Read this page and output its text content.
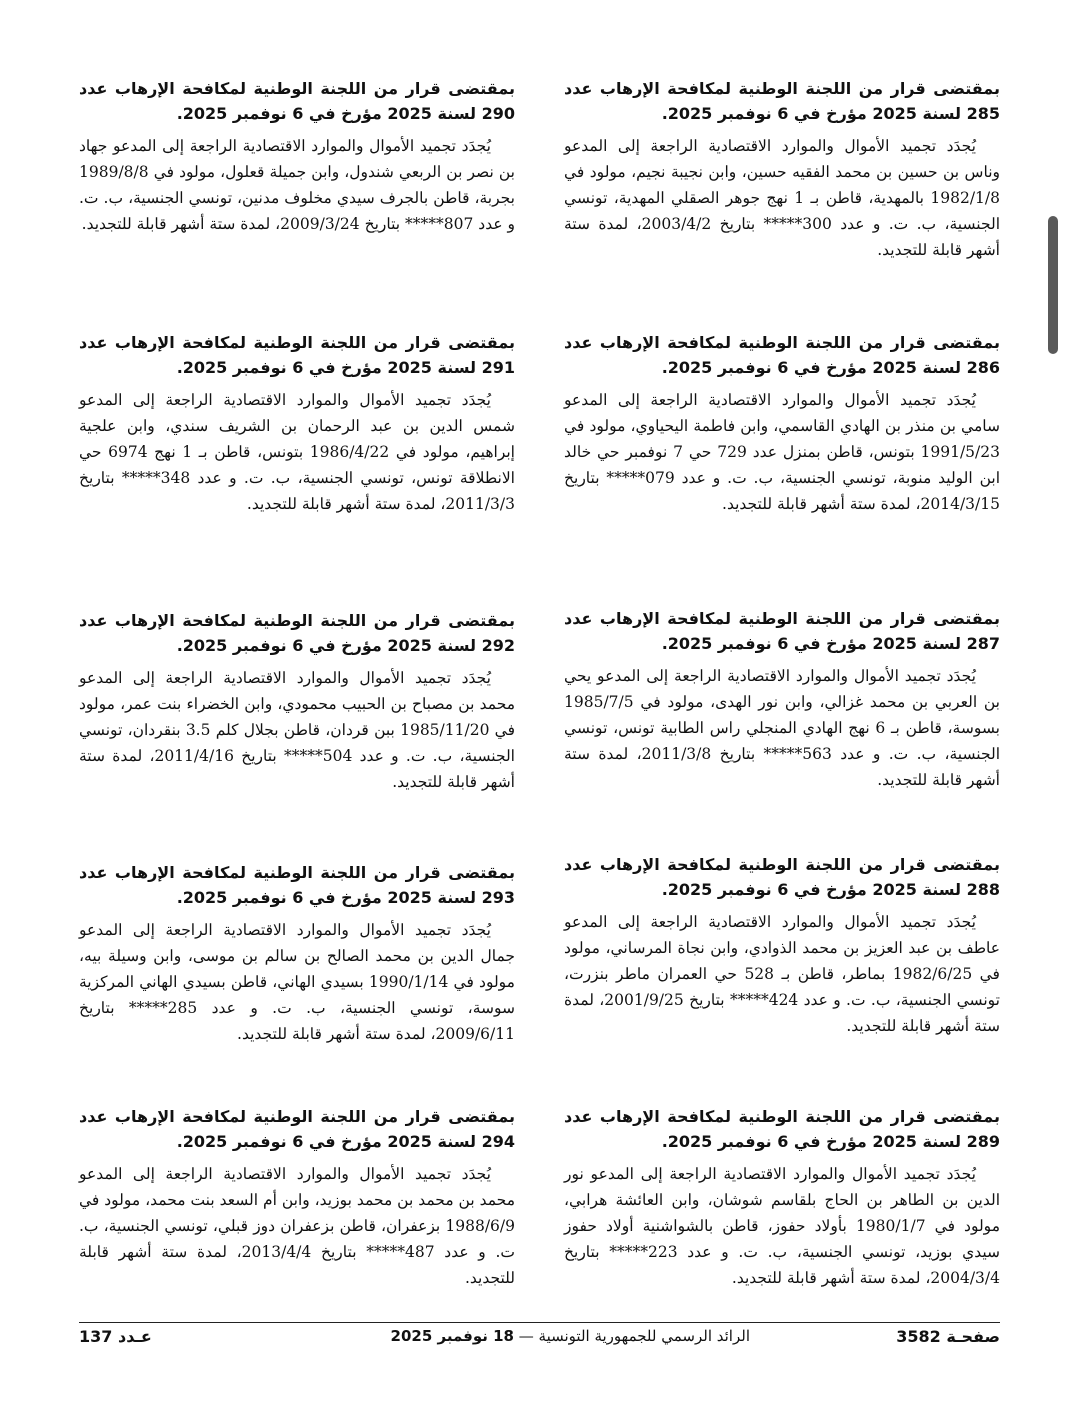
بمقتضى قرار من اللجنة الوطنية لمكافحة الإرهاب عدد 285 لسنة 2025 مؤرخ في 6 نوفمبر 2025.

يُجدَد تجميد الأموال والموارد الاقتصادية الراجعة إلى المدعو وناس بن حسين بن محمد الفقيه حسين، وابن نجيبة نجيم، مولود في 1982/1/8 بالمهدية، قاطن بـ 1 نهج جوهر الصقلي المهدية، تونسي الجنسية، ب. ت. و عدد 300***** بتاريخ 2003/4/2، لمدة ستة أشهر قابلة للتجديد.

بمقتضى قرار من اللجنة الوطنية لمكافحة الإرهاب عدد 286 لسنة 2025 مؤرخ في 6 نوفمبر 2025.

يُجدَد تجميد الأموال والموارد الاقتصادية الراجعة إلى المدعو سامي بن منذر بن الهادي القاسمي، وابن فاطمة اليحياوي، مولود في 1991/5/23 بتونس، قاطن بمنزل عدد 729 حي 7 نوفمبر حي خالد ابن الوليد منوبة، تونسي الجنسية، ب. ت. و عدد 079***** بتاريخ 2014/3/15، لمدة ستة أشهر قابلة للتجديد.

بمقتضى قرار من اللجنة الوطنية لمكافحة الإرهاب عدد 287 لسنة 2025 مؤرخ في 6 نوفمبر 2025.

يُجدَد تجميد الأموال والموارد الاقتصادية الراجعة إلى المدعو يحي بن العربي بن محمد غزالي، وابن نور الهدى، مولود في 1985/7/5 بسوسة، قاطن بـ 6 نهج الهادي المنجلي راس الطابية تونس، تونسي الجنسية، ب. ت. و عدد 563***** بتاريخ 2011/3/8، لمدة ستة أشهر قابلة للتجديد.

بمقتضى قرار من اللجنة الوطنية لمكافحة الإرهاب عدد 288 لسنة 2025 مؤرخ في 6 نوفمبر 2025.

يُجدَد تجميد الأموال والموارد الاقتصادية الراجعة إلى المدعو عاطف بن عبد العزيز بن محمد الذوادي، وابن نجاة المرساني، مولود في 1982/6/25 بماطر، قاطن بـ 528 حي العمران ماطر بنزرت، تونسي الجنسية، ب. ت. و عدد 424***** بتاريخ 2001/9/25، لمدة ستة أشهر قابلة للتجديد.

بمقتضى قرار من اللجنة الوطنية لمكافحة الإرهاب عدد 289 لسنة 2025 مؤرخ في 6 نوفمبر 2025.

يُجدَد تجميد الأموال والموارد الاقتصادية الراجعة إلى المدعو نور الدين بن الطاهر بن الحاج بلقاسم شوشان، وابن العائشة هرابي، مولود في 1980/1/7 بأولاد حفوز، قاطن بالشواشنية أولاد حفوز سيدي بوزيد، تونسي الجنسية، ب. ت. و عدد 223***** بتاريخ 2004/3/4، لمدة ستة أشهر قابلة للتجديد.

بمقتضى قرار من اللجنة الوطنية لمكافحة الإرهاب عدد 290 لسنة 2025 مؤرخ في 6 نوفمبر 2025.

يُجدَد تجميد الأموال والموارد الاقتصادية الراجعة إلى المدعو جهاد بن نصر بن الربعي شندول، وابن جميلة قعلول، مولود في 1989/8/8 بجربة، قاطن بالجرف سيدي مخلوف مدنين، تونسي الجنسية، ب. ت. و عدد 807***** بتاريخ 2009/3/24، لمدة ستة أشهر قابلة للتجديد.

بمقتضى قرار من اللجنة الوطنية لمكافحة الإرهاب عدد 291 لسنة 2025 مؤرخ في 6 نوفمبر 2025.

يُجدَد تجميد الأموال والموارد الاقتصادية الراجعة إلى المدعو شمس الدين بن عبد الرحمان بن الشريف سندي، وابن علجية إبراهيم، مولود في 1986/4/22 بتونس، قاطن بـ 1 نهج 6974 حي الانطلاقة تونس، تونسي الجنسية، ب. ت. و عدد 348***** بتاريخ 2011/3/3، لمدة ستة أشهر قابلة للتجديد.

بمقتضى قرار من اللجنة الوطنية لمكافحة الإرهاب عدد 292 لسنة 2025 مؤرخ في 6 نوفمبر 2025.

يُجدَد تجميد الأموال والموارد الاقتصادية الراجعة إلى المدعو محمد بن مصباح بن الحبيب محمودي، وابن الخضراء بنت عمر، مولود في 1985/11/20 ببن قردان، قاطن بجلال كلم 3.5 بنقردان، تونسي الجنسية، ب. ت. و عدد 504***** بتاريخ 2011/4/16، لمدة ستة أشهر قابلة للتجديد.

بمقتضى قرار من اللجنة الوطنية لمكافحة الإرهاب عدد 293 لسنة 2025 مؤرخ في 6 نوفمبر 2025.

يُجدَد تجميد الأموال والموارد الاقتصادية الراجعة إلى المدعو جمال الدين بن محمد الصالح بن سالم بن موسى، وابن وسيلة بيه، مولود في 1990/1/14 بسيدي الهاني، قاطن بسيدي الهاني المركزية سوسة، تونسي الجنسية، ب. ت. و عدد 285***** بتاريخ 2009/6/11، لمدة ستة أشهر قابلة للتجديد.

بمقتضى قرار من اللجنة الوطنية لمكافحة الإرهاب عدد 294 لسنة 2025 مؤرخ في 6 نوفمبر 2025.

يُجدَد تجميد الأموال والموارد الاقتصادية الراجعة إلى المدعو محمد بن محمد بن محمد بوزيد، وابن أم السعد بنت محمد، مولود في 1988/6/9 بزعفران، قاطن بزعفران دوز قبلي، تونسي الجنسية، ب. ت. و عدد 487***** بتاريخ 2013/4/4، لمدة ستة أشهر قابلة للتجديد.

صفحـة 3582
الرائد الرسمي للجمهورية التونسية — 18 نوفمبر 2025
عـدد 137
